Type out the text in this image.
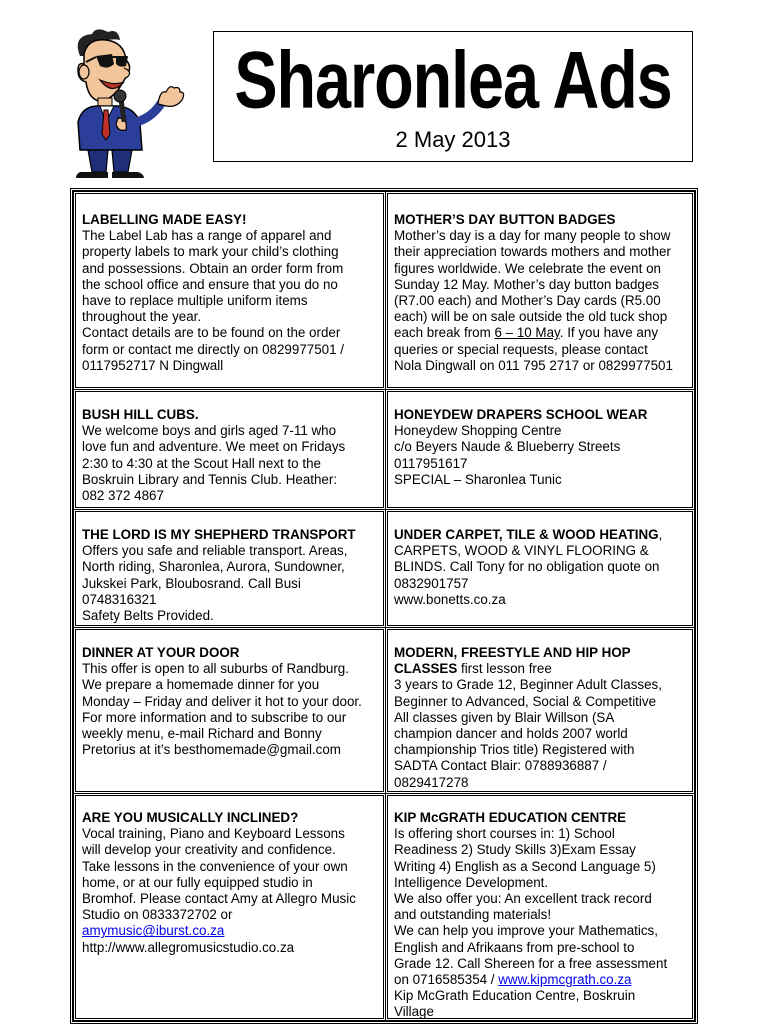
Sharonlea Ads
2 May 2013

LABELLING MADE EASY!

The Label Lab has a range of apparel and

property labels to mark your child’s clothing

and possessions. Obtain an order form from

the school office and ensure that you do no

have to replace multiple uniform items

throughout the year.

Contact details are to be found on the order

form or contact me directly on 0829977501 /

0117952717 N Dingwall

MOTHER’S DAY BUTTON BADGES

Mother’s day is a day for many people to show

their appreciation towards mothers and mother

figures worldwide. We celebrate the event on

Sunday 12 May. Mother’s day button badges

(R7.00 each) and Mother’s Day cards (R5.00

each) will be on sale outside the old tuck shop

each break from 6 – 10 May. If you have any

queries or special requests, please contact

Nola Dingwall on 011 795 2717 or 0829977501

BUSH HILL CUBS.

We welcome boys and girls aged 7-11 who

love fun and adventure. We meet on Fridays

2:30 to 4:30 at the Scout Hall next to the

Boskruin Library and Tennis Club. Heather:

082 372 4867

HONEYDEW DRAPERS SCHOOL WEAR

Honeydew Shopping Centre

c/o Beyers Naude & Blueberry Streets

0117951617

SPECIAL – Sharonlea Tunic

THE LORD IS MY SHEPHERD TRANSPORT

Offers you safe and reliable transport. Areas,

North riding, Sharonlea, Aurora, Sundowner,

Jukskei Park, Bloubosrand. Call Busi

0748316321

Safety Belts Provided.

UNDER CARPET, TILE & WOOD HEATING,

CARPETS, WOOD & VINYL FLOORING &

BLINDS. Call Tony for no obligation quote on

0832901757

www.bonetts.co.za

DINNER AT YOUR DOOR

This offer is open to all suburbs of Randburg.

We prepare a homemade dinner for you

Monday – Friday and deliver it hot to your door.

For more information and to subscribe to our

weekly menu, e-mail Richard and Bonny

Pretorius at it’s besthomemade@gmail.com

MODERN, FREESTYLE AND HIP HOP

CLASSES first lesson free

3 years to Grade 12, Beginner Adult Classes,

Beginner to Advanced, Social & Competitive

All classes given by Blair Willson (SA

champion dancer and holds 2007 world

championship Trios title) Registered with

SADTA Contact Blair: 0788936887 /

0829417278

ARE YOU MUSICALLY INCLINED?

Vocal training, Piano and Keyboard Lessons

will develop your creativity and confidence.

Take lessons in the convenience of your own

home, or at our fully equipped studio in

Bromhof. Please contact Amy at Allegro Music

Studio on 0833372702 or

amymusic@iburst.co.za

http://www.allegromusicstudio.co.za

KIP McGRATH EDUCATION CENTRE

Is offering short courses in: 1) School

Readiness 2) Study Skills 3)Exam Essay

Writing 4) English as a Second Language 5)

Intelligence Development.

We also offer you: An excellent track record

and outstanding materials!

We can help you improve your Mathematics,

English and Afrikaans from pre-school to

Grade 12. Call Shereen for a free assessment

on 0716585354 / www.kipmcgrath.co.za

Kip McGrath Education Centre, Boskruin

Village
